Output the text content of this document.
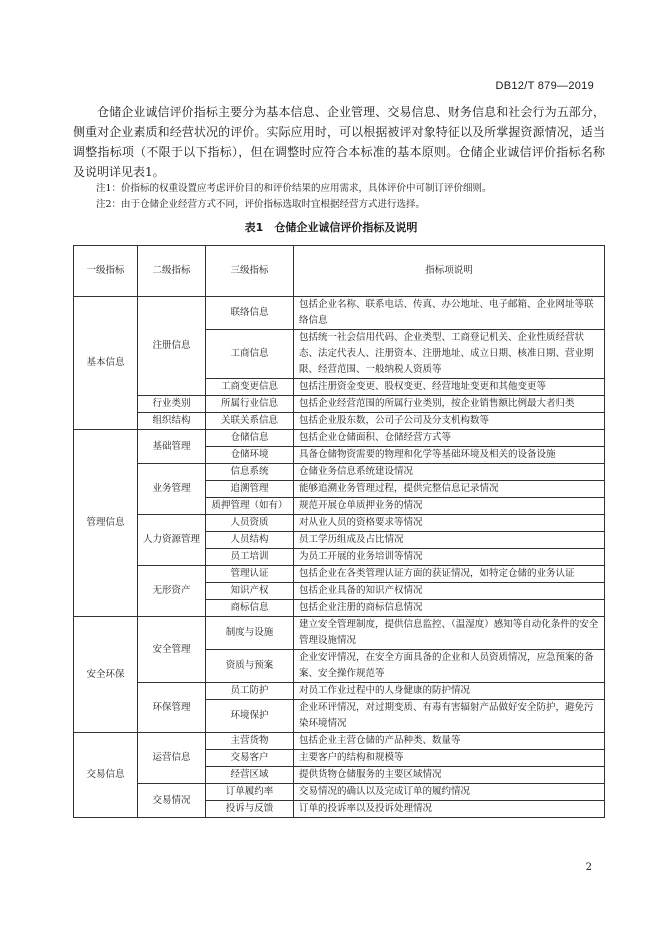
DB12/T 879—2019

仓储企业诚信评价指标主要分为基本信息、企业管理、交易信息、财务信息和社会行为五部分，侧重对企业素质和经营状况的评价。实际应用时，可以根据被评对象特征以及所掌握资源情况，适当调整指标项（不限于以下指标），但在调整时应符合本标准的基本原则。仓储企业诚信评价指标名称及说明详见表1。

注1：价指标的权重设置应考虑评价目的和评价结果的应用需求，具体评价中可制订评价细则。

注2：由于仓储企业经营方式不同，评价指标选取时宜根据经营方式进行选择。

表1　仓储企业诚信评价指标及说明
一级指标	二级指标	三级指标	指标项说明
基本信息	注册信息	联络信息	包括企业名称、联系电话、传真、办公地址、电子邮箱、企业网址等联络信息
		工商信息	包括统一社会信用代码、企业类型、工商登记机关、企业性质经营状态、法定代表人、注册资本、注册地址、成立日期、核准日期、营业期限、经营范围、一般纳税人资质等
		工商变更信息	包括注册资金变更、股权变更、经营地址变更和其他变更等
	行业类别	所属行业信息	包括企业经营范围的所属行业类别，按企业销售额比例最大者归类
	组织结构	关联关系信息	包括企业股东数，公司子公司及分支机构数等
管理信息	基础管理	仓储信息	包括企业仓储面积、仓储经营方式等
		仓储环境	具备仓储物资需要的物理和化学等基础环境及相关的设备设施
	业务管理	信息系统	仓储业务信息系统建设情况
		追溯管理	能够追溯业务管理过程，提供完整信息记录情况
		质押管理（如有）	规范开展仓单质押业务的情况
	人力资源管理	人员资质	对从业人员的资格要求等情况
		人员结构	员工学历组成及占比情况
		员工培训	为员工开展的业务培训等情况
	无形资产	管理认证	包括企业在各类管理认证方面的获证情况，如特定仓储的业务认证
		知识产权	包括企业具备的知识产权情况
		商标信息	包括企业注册的商标信息情况
安全环保	安全管理	制度与设施	建立安全管理制度，提供信息监控、（温湿度）感知等自动化条件的安全管理设施情况
		资质与预案	企业安评情况，在安全方面具备的企业和人员资质情况，应急预案的备案、安全操作规范等
	环保管理	员工防护	对员工作业过程中的人身健康的防护情况
		环境保护	企业环评情况，对过期变质、有毒有害辐射产品做好安全防护，避免污染环境情况
交易信息	运营信息	主营货物	包括企业主营仓储的产品种类、数量等
		交易客户	主要客户的结构和规模等
		经营区域	提供货物仓储服务的主要区域情况
	交易情况	订单履约率	交易情况的确认以及完成订单的履约情况
		投诉与反馈	订单的投诉率以及投诉处理情况
2
